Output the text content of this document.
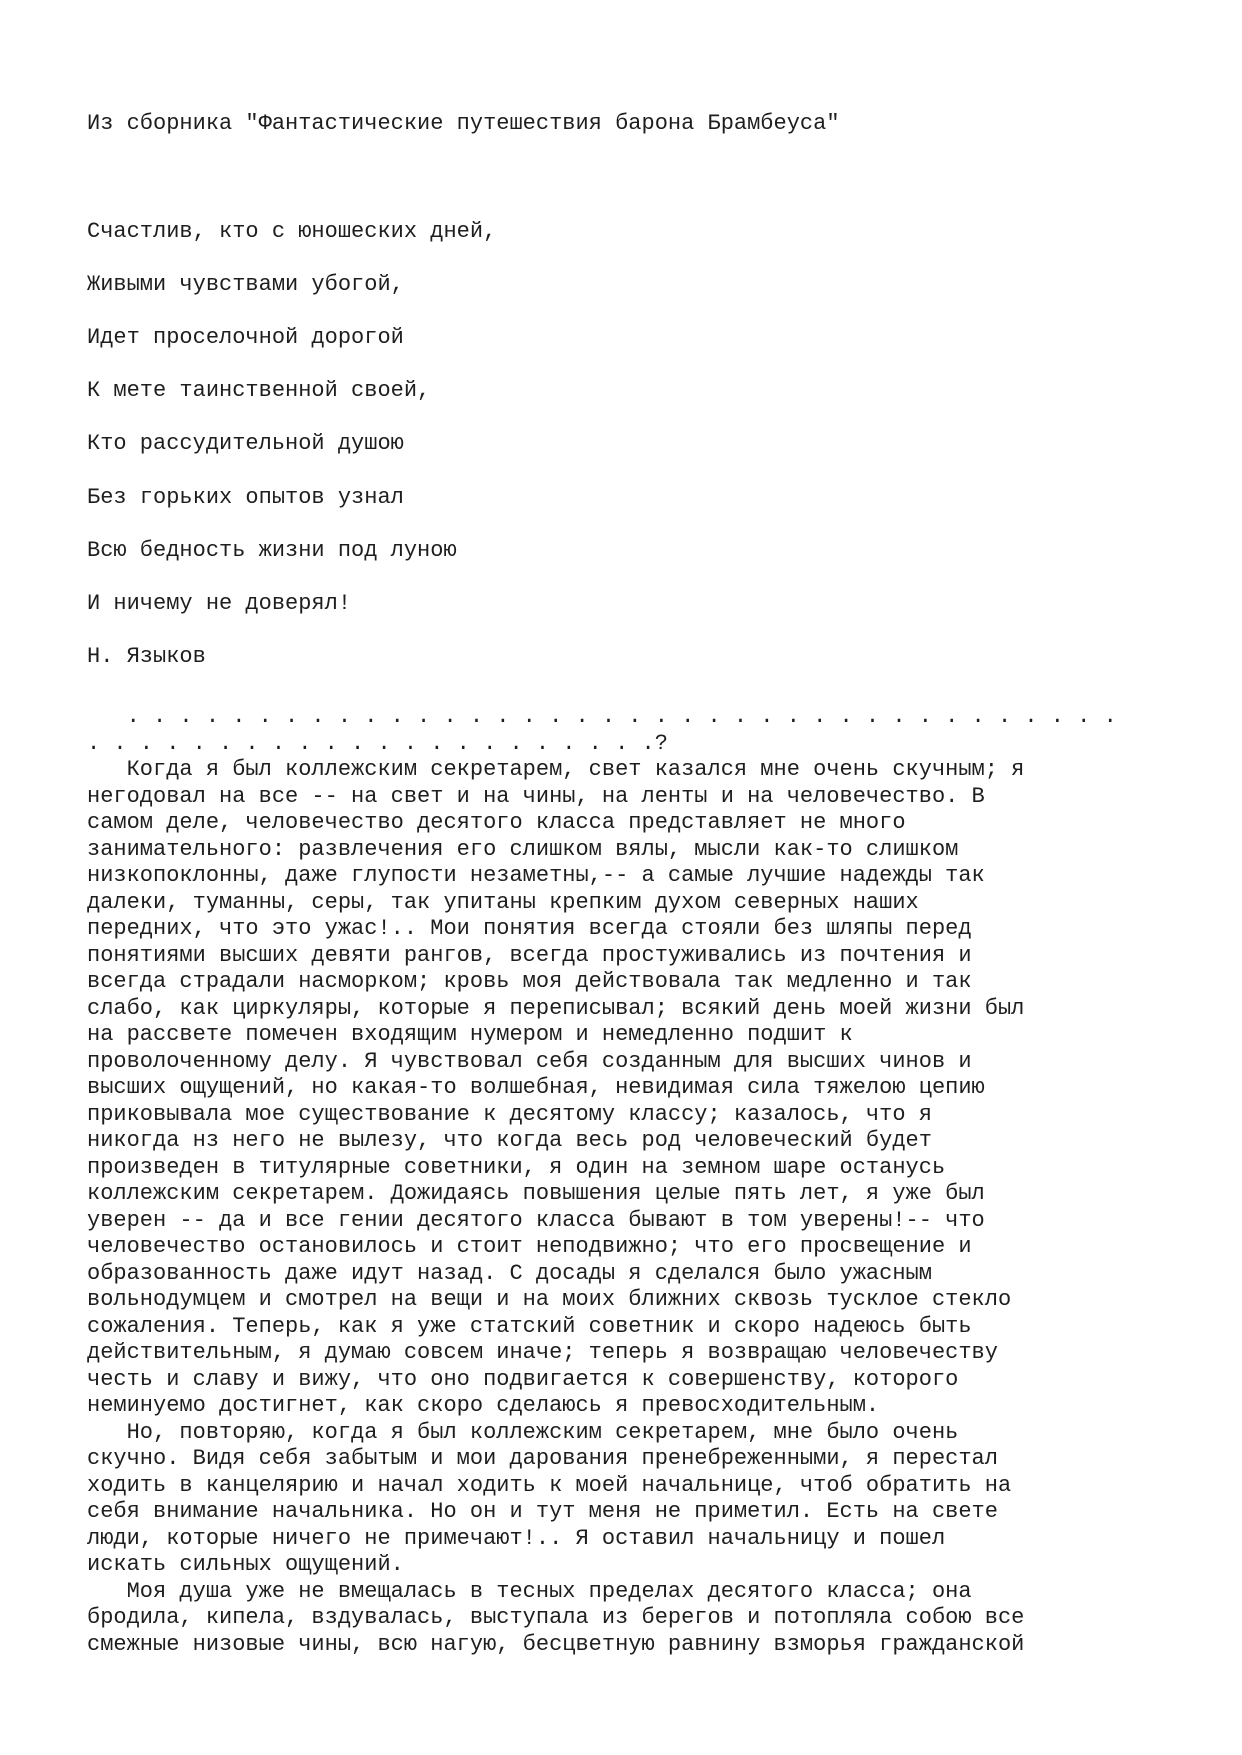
Из сборника "Фантастические путешествия барона Брамбеуса"
Счастлив, кто с юношеских дней,
Живыми чувствами убогой,
Идет проселочной дорогой
К мете таинственной своей,
Кто рассудительной душою
Без горьких опытов узнал
Всю бедность жизни под луною
И ничему не доверял!
Н. Языков
. . . . . . . . . . . . . . . . . . . . . . . . . . . . . . . . . . . . . .
. . . . . . . . . . . . . . . . . . . . . .?
Когда я был коллежским секретарем, свет казался мне очень скучным; я
негодовал на все -- на свет и на чины, на ленты и на человечество. В
самом деле, человечество десятого класса представляет не много
занимательного: развлечения его слишком вялы, мысли как-то слишком
низкопоклонны, даже глупости незаметны,-- а самые лучшие надежды так
далеки, туманны, серы, так упитаны крепким духом северных наших
передних, что это ужас!.. Мои понятия всегда стояли без шляпы перед
понятиями высших девяти рангов, всегда простуживались из почтения и
всегда страдали насморком; кровь моя действовала так медленно и так
слабо, как циркуляры, которые я переписывал; всякий день моей жизни был
на рассвете помечен входящим нумером и немедленно подшит к
проволоченному делу. Я чувствовал себя созданным для высших чинов и
высших ощущений, но какая-то волшебная, невидимая сила тяжелою цепию
приковывала мое существование к десятому классу; казалось, что я
никогда нз него не вылезу, что когда весь род человеческий будет
произведен в титулярные советники, я один на земном шаре останусь
коллежским секретарем. Дожидаясь повышения целые пять лет, я уже был
уверен -- да и все гении десятого класса бывают в том уверены!-- что
человечество остановилось и стоит неподвижно; что его просвещение и
образованность даже идут назад. С досады я сделался было ужасным
вольнодумцем и смотрел на вещи и на моих ближних сквозь тусклое стекло
сожаления. Теперь, как я уже статский советник и скоро надеюсь быть
действительным, я думаю совсем иначе; теперь я возвращаю человечеству
честь и славу и вижу, что оно подвигается к совершенству, которого
неминуемо достигнет, как скоро сделаюсь я превосходительным.
Но, повторяю, когда я был коллежским секретарем, мне было очень
скучно. Видя себя забытым и мои дарования пренебреженными, я перестал
ходить в канцелярию и начал ходить к моей начальнице, чтоб обратить на
себя внимание начальника. Но он и тут меня не приметил. Есть на свете
люди, которые ничего не примечают!.. Я оставил начальницу и пошел
искать сильных ощущений.
Моя душа уже не вмещалась в тесных пределах десятого класса; она
бродила, кипела, вздувалась, выступала из берегов и потопляла собою все
смежные низовые чины, всю нагую, бесцветную равнину взморья гражданской
